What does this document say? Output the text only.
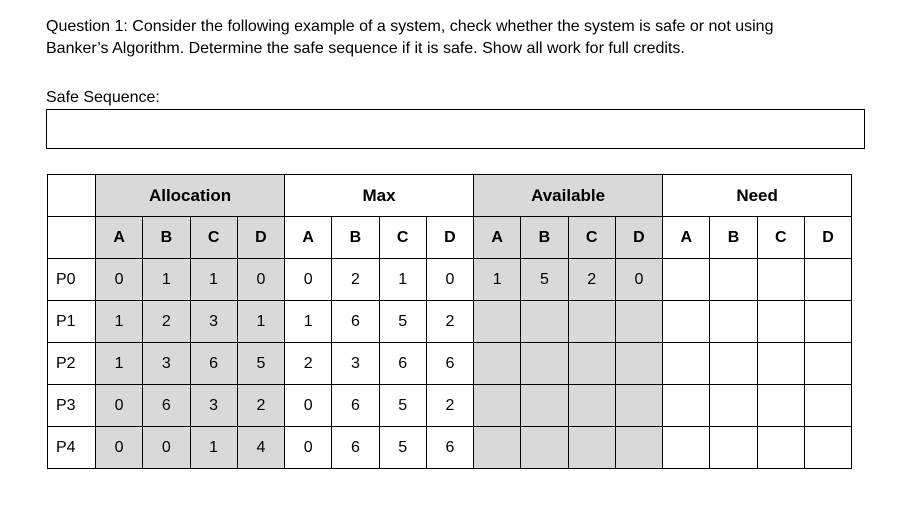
Question 1: Consider the following example of a system, check whether the system is safe or not using
Banker’s Algorithm. Determine the safe sequence if it is safe. Show all work for full credits.
Safe Sequence:
	Allocation				Max				Available				Need			
	A	B	C	D	A	B	C	D	A	B	C	D	A	B	C	D
P0	0	1	1	0	0	2	1	0	1	5	2	0				
P1	1	2	3	1	1	6	5	2								
P2	1	3	6	5	2	3	6	6								
P3	0	6	3	2	0	6	5	2								
P4	0	0	1	4	0	6	5	6								
